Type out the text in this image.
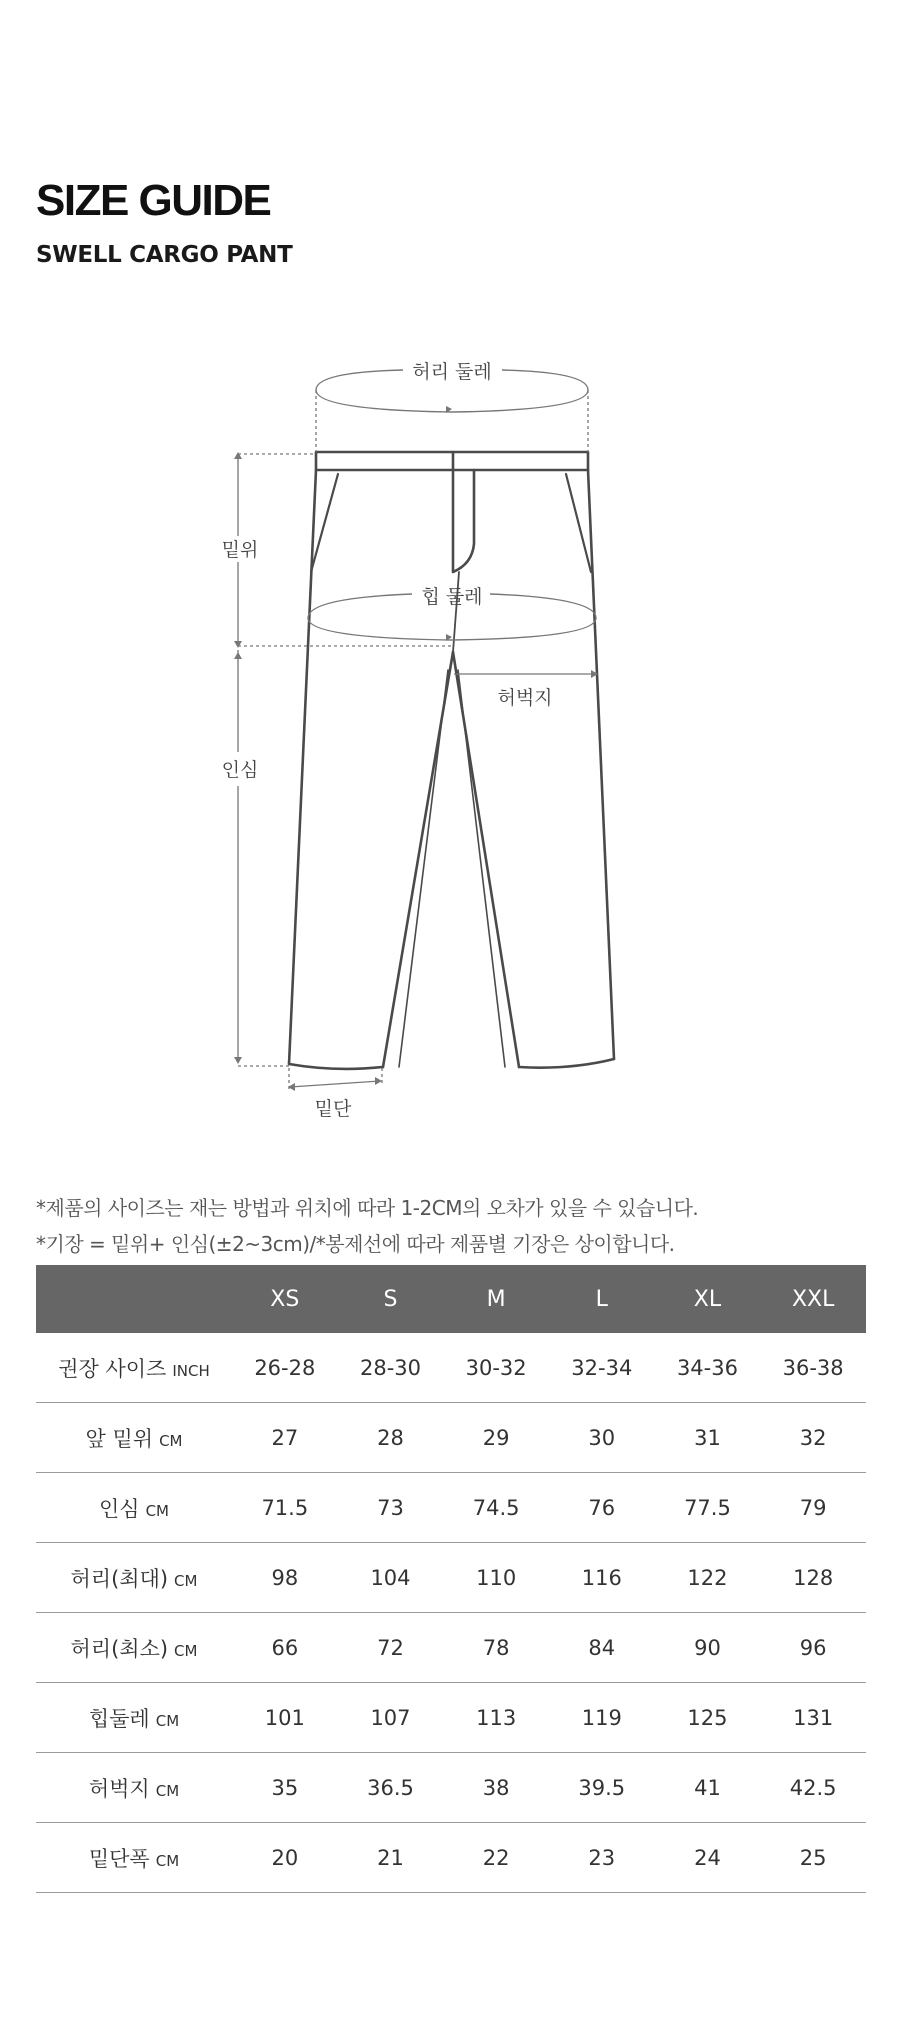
SIZE GUIDE
SWELL CARGO PANT
허리 둘레
밑위
힙 둘레
허벅지
인심
밑단

*제품의 사이즈는 재는 방법과 위치에 따라 1-2CM의 오차가 있을 수 있습니다.

*기장 = 밑위+ 인심(±2~3cm)/*봉제선에 따라 제품별 기장은 상이합니다.

	XS	S	M	L	XL	XXL
권장 사이즈 INCH	26-28	28-30	30-32	32-34	34-36	36-38
앞 밑위 CM	27	28	29	30	31	32
인심 CM	71.5	73	74.5	76	77.5	79
허리(최대) CM	98	104	110	116	122	128
허리(최소) CM	66	72	78	84	90	96
힙둘레 CM	101	107	113	119	125	131
허벅지 CM	35	36.5	38	39.5	41	42.5
밑단폭 CM	20	21	22	23	24	25
